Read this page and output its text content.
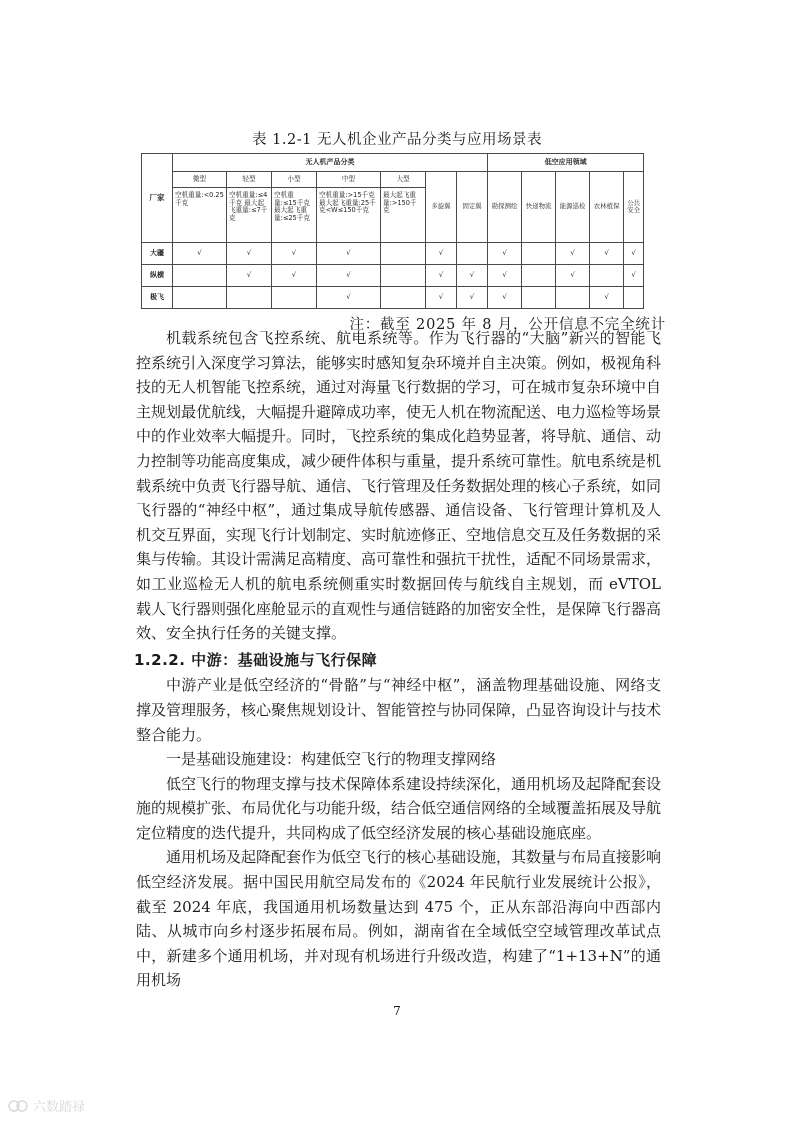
表 1.2-1 无人机企业产品分类与应用场景表
厂家	无人机产品分类							低空应用领域				
	微型	轻型	小型	中型	大型	多旋翼	固定翼	勘探测绘	快递物流	能源巡检	农林植保	公共安全
	空机重量:<0.25千克	空机重量:≤4千克 最大起飞重量:≤7千克	空机重量:≤15千克 最大起飞重量:≤25千克	空机重量:>15千克 最大起飞重量:25千克<W≤150千克	最大起飞重量:>150千克							
大疆	√	√	√	√		√		√		√	√	√
纵横		√	√	√		√	√	√		√		√
极飞				√		√	√	√			√	
注：截至 2025 年 8 月，公开信息不完全统计

机载系统包含飞控系统、航电系统等。作为飞行器的“大脑”新兴的智能飞控系统引入深度学习算法，能够实时感知复杂环境并自主决策。例如，极视角科技的无人机智能飞控系统，通过对海量飞行数据的学习，可在城市复杂环境中自主规划最优航线，大幅提升避障成功率，使无人机在物流配送、电力巡检等场景中的作业效率大幅提升。同时，飞控系统的集成化趋势显著，将导航、通信、动力控制等功能高度集成，减少硬件体积与重量，提升系统可靠性。航电系统是机载系统中负责飞行器导航、通信、飞行管理及任务数据处理的核心子系统，如同飞行器的“神经中枢”，通过集成导航传感器、通信设备、飞行管理计算机及人机交互界面，实现飞行计划制定、实时航迹修正、空地信息交互及任务数据的采集与传输。其设计需满足高精度、高可靠性和强抗干扰性，适配不同场景需求，如工业巡检无人机的航电系统侧重实时数据回传与航线自主规划，而 eVTOL 载人飞行器则强化座舱显示的直观性与通信链路的加密安全性，是保障飞行器高效、安全执行任务的关键支撑。

1.2.2. 中游：基础设施与飞行保障

中游产业是低空经济的“骨骼”与“神经中枢”，涵盖物理基础设施、网络支撑及管理服务，核心聚焦规划设计、智能管控与协同保障，凸显咨询设计与技术整合能力。

一是基础设施建设：构建低空飞行的物理支撑网络

低空飞行的物理支撑与技术保障体系建设持续深化，通用机场及起降配套设施的规模扩张、布局优化与功能升级，结合低空通信网络的全域覆盖拓展及导航定位精度的迭代提升，共同构成了低空经济发展的核心基础设施底座。

通用机场及起降配套作为低空飞行的核心基础设施，其数量与布局直接影响低空经济发展。据中国民用航空局发布的《2024 年民航行业发展统计公报》，截至 2024 年底，我国通用机场数量达到 475 个，正从东部沿海向中西部内陆、从城市向乡村逐步拓展布局。例如，湖南省在全域低空空域管理改革试点中，新建多个通用机场，并对现有机场进行升级改造，构建了“1+13+N”的通用机场

7
六数踏禄
